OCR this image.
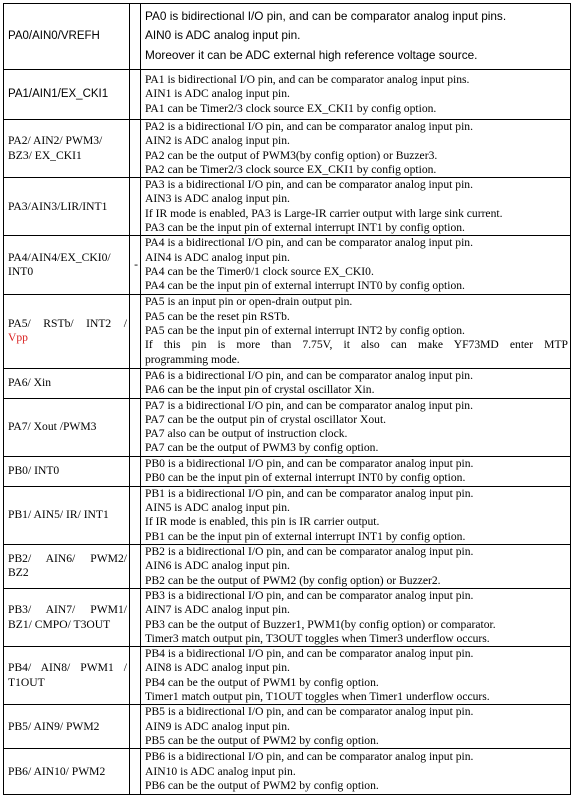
PA0/AIN0/VREFH		PA0 is bidirectional I/O pin, and can be comparator analog input pins.
AIN0 is ADC analog input pin.
Moreover it can be ADC external high reference voltage source.

PA1/AIN1/EX_CKI1		PA1 is bidirectional I/O pin, and can be comparator analog input pins.
AIN1 is ADC analog input pin.
PA1 can be Timer2/3 clock source EX_CKI1 by config option.

PA2/ AIN2/ PWM3/
BZ3/ EX_CKI1		PA2 is a bidirectional I/O pin, and can be comparator analog input pin.
AIN2 is ADC analog input pin.
PA2 can be the output of PWM3(by config option) or Buzzer3.
PA2 can be Timer2/3 clock source EX_CKI1 by config option.

PA3/AIN3/LIR/INT1		PA3 is a bidirectional I/O pin, and can be comparator analog input pin.
AIN3 is ADC analog input pin.
If IR mode is enabled, PA3 is Large-IR carrier output with large sink current.
PA3 can be the input pin of external interrupt INT1 by config option.

PA4/AIN4/EX_CKI0/
INT0	-	PA4 is a bidirectional I/O pin, and can be comparator analog input pin.
AIN4 is ADC analog input pin.
PA4 can be the Timer0/1 clock source EX_CKI0.
PA4 can be the input pin of external interrupt INT0 by config option.

PA5/ RSTb/ INT2 /
Vpp		PA5 is an input pin or open-drain output pin.
PA5 can be the reset pin RSTb.
PA5 can be the input pin of external interrupt INT2 by config option.
If this pin is more than 7.75V, it also can make YF73MD enter MTP
programming mode.

PA6/ Xin		PA6 is a bidirectional I/O pin, and can be comparator analog input pin.
PA6 can be the input pin of crystal oscillator Xin.

PA7/ Xout /PWM3		PA7 is a bidirectional I/O pin, and can be comparator analog input pin.
PA7 can be the output pin of crystal oscillator Xout.
PA7 also can be output of instruction clock.
PA7 can be the output of PWM3 by config option.

PB0/ INT0		PB0 is a bidirectional I/O pin, and can be comparator analog input pin.
PB0 can be the input pin of external interrupt INT0 by config option.

PB1/ AIN5/ IR/ INT1		PB1 is a bidirectional I/O pin, and can be comparator analog input pin.
AIN5 is ADC analog input pin.
If IR mode is enabled, this pin is IR carrier output.
PB1 can be the input pin of external interrupt INT1 by config option.

PB2/ AIN6/ PWM2/
BZ2		PB2 is a bidirectional I/O pin, and can be comparator analog input pin.
AIN6 is ADC analog input pin.
PB2 can be the output of PWM2 (by config option) or Buzzer2.

PB3/ AIN7/ PWM1/
BZ1/ CMPO/ T3OUT		PB3 is a bidirectional I/O pin, and can be comparator analog input pin.
AIN7 is ADC analog input pin.
PB3 can be the output of Buzzer1, PWM1(by config option) or comparator.
Timer3 match output pin, T3OUT toggles when Timer3 underflow occurs.

PB4/ AIN8/ PWM1 /
T1OUT		PB4 is a bidirectional I/O pin, and can be comparator analog input pin.
AIN8 is ADC analog input pin.
PB4 can be the output of PWM1 by config option.
Timer1 match output pin, T1OUT toggles when Timer1 underflow occurs.

PB5/ AIN9/ PWM2		PB5 is a bidirectional I/O pin, and can be comparator analog input pin.
AIN9 is ADC analog input pin.
PB5 can be the output of PWM2 by config option.

PB6/ AIN10/ PWM2		PB6 is a bidirectional I/O pin, and can be comparator analog input pin.
AIN10 is ADC analog input pin.
PB6 can be the output of PWM2 by config option.
